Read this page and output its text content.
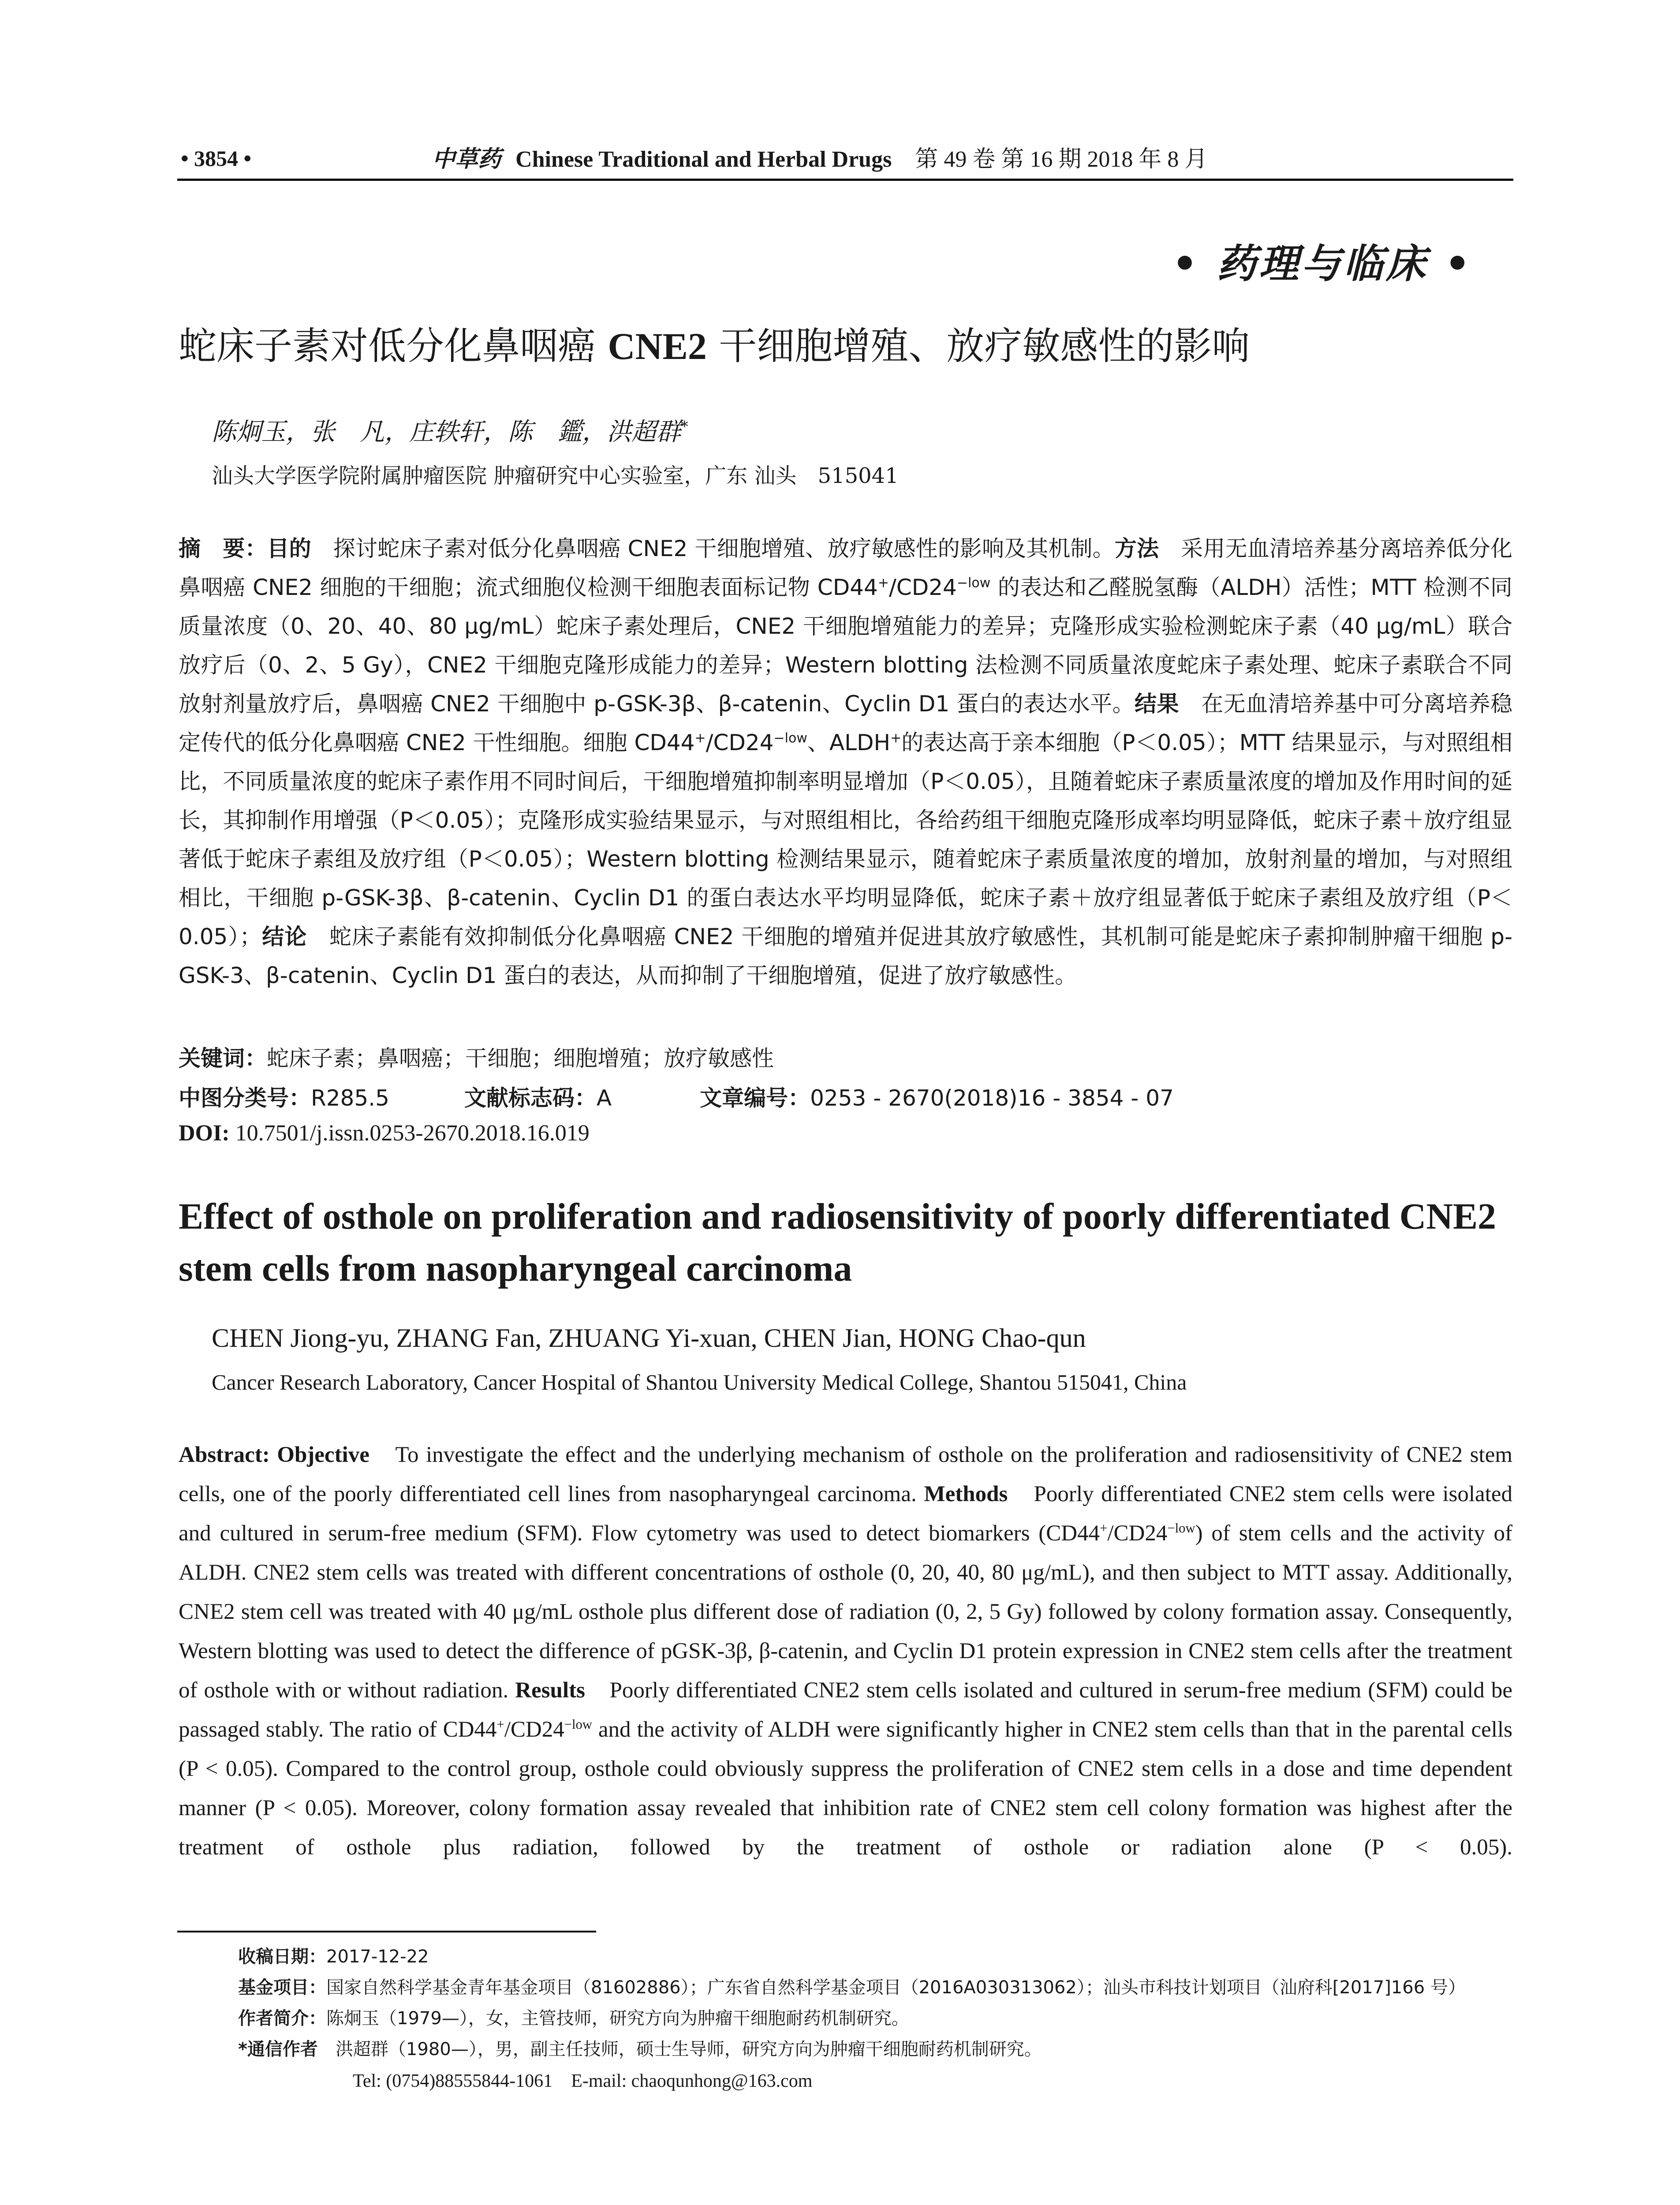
• 3854 •	中草药 Chinese Traditional and Herbal Drugs 第 49 卷 第 16 期 2018 年 8 月
• 药理与临床 •
蛇床子素对低分化鼻咽癌 CNE2 干细胞增殖、放疗敏感性的影响
陈炯玉，张　凡，庄轶轩，陈　鑑，洪超群*
汕头大学医学院附属肿瘤医院 肿瘤研究中心实验室，广东 汕头　515041
摘　要：目的　探讨蛇床子素对低分化鼻咽癌 CNE2 干细胞增殖、放疗敏感性的影响及其机制。方法　采用无血清培养基分离培养低分化鼻咽癌 CNE2 细胞的干细胞；流式细胞仪检测干细胞表面标记物 $CD44^+/CD24^{-low}$ 的表达和乙醛脱氢酶（ALDH）活性；MTT 检测不同质量浓度（0、20、40、80 μg/mL）蛇床子素处理后，CNE2 干细胞增殖能力的差异；克隆形成实验检测蛇床子素（40 μg/mL）联合放疗后（0、2、5 Gy），CNE2 干细胞克隆形成能力的差异；Western blotting 法检测不同质量浓度蛇床子素处理、蛇床子素联合不同放射剂量放疗后，鼻咽癌 CNE2 干细胞中 p-GSK-3β、β-catenin、Cyclin D1 蛋白的表达水平。结果　在无血清培养基中可分离培养稳定传代的低分化鼻咽癌 CNE2 干性细胞。细胞 $CD44^+/CD24^{-low}$、ALDH+的表达高于亲本细胞（P＜0.05）；MTT 结果显示，与对照组相比，不同质量浓度的蛇床子素作用不同时间后，干细胞增殖抑制率明显增加（P＜0.05），且随着蛇床子素质量浓度的增加及作用时间的延长，其抑制作用增强（P＜0.05）；克隆形成实验结果显示，与对照组相比，各给药组干细胞克隆形成率均明显降低，蛇床子素＋放疗组显著低于蛇床子素组及放疗组（P＜0.05）；Western blotting 检测结果显示，随着蛇床子素质量浓度的增加，放射剂量的增加，与对照组相比，干细胞 p-GSK-3β、β-catenin、Cyclin D1 的蛋白表达水平均明显降低，蛇床子素＋放疗组显著低于蛇床子素组及放疗组（P＜0.05）；结论　蛇床子素能有效抑制低分化鼻咽癌 CNE2 干细胞的增殖并促进其放疗敏感性，其机制可能是蛇床子素抑制肿瘤干细胞 p-GSK-3、β-catenin、Cyclin D1 蛋白的表达，从而抑制了干细胞增殖，促进了放疗敏感性。
关键词：蛇床子素；鼻咽癌；干细胞；细胞增殖；放疗敏感性
中图分类号：R285.5	文献标志码：A	文章编号：0253 - 2670(2018)16 - 3854 - 07
DOI: 10.7501/j.issn.0253-2670.2018.16.019
Effect of osthole on proliferation and radiosensitivity of poorly differentiated CNE2 stem cells from nasopharyngeal carcinoma
CHEN Jiong-yu, ZHANG Fan, ZHUANG Yi-xuan, CHEN Jian, HONG Chao-qun
Cancer Research Laboratory, Cancer Hospital of Shantou University Medical College, Shantou 515041, China
Abstract: Objective　To investigate the effect and the underlying mechanism of osthole on the proliferation and radiosensitivity of CNE2 stem cells, one of the poorly differentiated cell lines from nasopharyngeal carcinoma. Methods　Poorly differentiated CNE2 stem cells were isolated and cultured in serum-free medium (SFM). Flow cytometry was used to detect biomarkers $(CD44^+/CD24^{-low})$ of stem cells and the activity of ALDH. CNE2 stem cells was treated with different concentrations of osthole (0, 20, 40, 80 μg/mL), and then subject to MTT assay. Additionally, CNE2 stem cell was treated with 40 μg/mL osthole plus different dose of radiation (0, 2, 5 Gy) followed by colony formation assay. Consequently, Western blotting was used to detect the difference of pGSK-3β, β-catenin, and Cyclin D1 protein expression in CNE2 stem cells after the treatment of osthole with or without radiation. Results　Poorly differentiated CNE2 stem cells isolated and cultured in serum-free medium (SFM) could be passaged stably. The ratio of $CD44^+/CD24^{-low}$ and the activity of ALDH were significantly higher in CNE2 stem cells than that in the parental cells (P < 0.05). Compared to the control group, osthole could obviously suppress the proliferation of CNE2 stem cells in a dose and time dependent manner (P < 0.05). Moreover, colony formation assay revealed that inhibition rate of CNE2 stem cell colony formation was highest after the treatment of osthole plus radiation, followed by the treatment of osthole or radiation alone (P < 0.05).
收稿日期：2017-12-22
基金项目：国家自然科学基金青年基金项目（81602886）；广东省自然科学基金项目（2016A030313062）；汕头市科技计划项目（汕府科[2017]166 号）
作者简介：陈炯玉（1979—），女，主管技师，研究方向为肿瘤干细胞耐药机制研究。
*通信作者　洪超群（1980—），男，副主任技师，硕士生导师，研究方向为肿瘤干细胞耐药机制研究。
Tel: (0754)88555844-1061　E-mail: chaoqunhong@163.com
